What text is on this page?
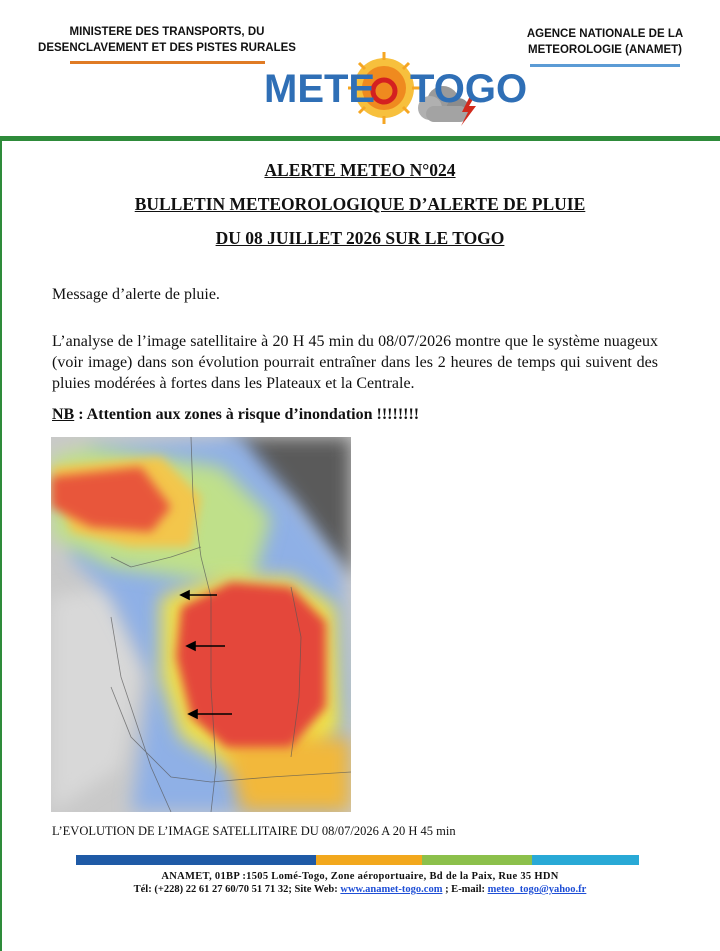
MINISTERE DES TRANSPORTS, DU DESENCLAVEMENT ET DES PISTES RURALES
AGENCE NATIONALE DE LA METEOROLOGIE (ANAMET)
METE TOGO
ALERTE METEO N°024
BULLETIN METEOROLOGIQUE D’ALERTE DE PLUIE
DU 08 JUILLET 2026 SUR LE TOGO
Message d’alerte de pluie.
L’analyse de l’image satellitaire à 20 H 45 min du 08/07/2026 montre que le système nuageux (voir image) dans son évolution pourrait entraîner dans les 2 heures de temps qui suivent des pluies modérées à fortes dans les Plateaux et la Centrale.
NB : Attention aux zones à risque d’inondation !!!!!!!!
L’EVOLUTION DE L’IMAGE SATELLITAIRE DU 08/07/2026 A 20 H 45 min
ANAMET, 01BP :1505 Lomé-Togo, Zone aéroportuaire, Bd de la Paix, Rue 35 HDN
Tél: (+228) 22 61 27 60/70 51 71 32; Site Web: www.anamet-togo.com ; E-mail: meteo_togo@yahoo.fr
